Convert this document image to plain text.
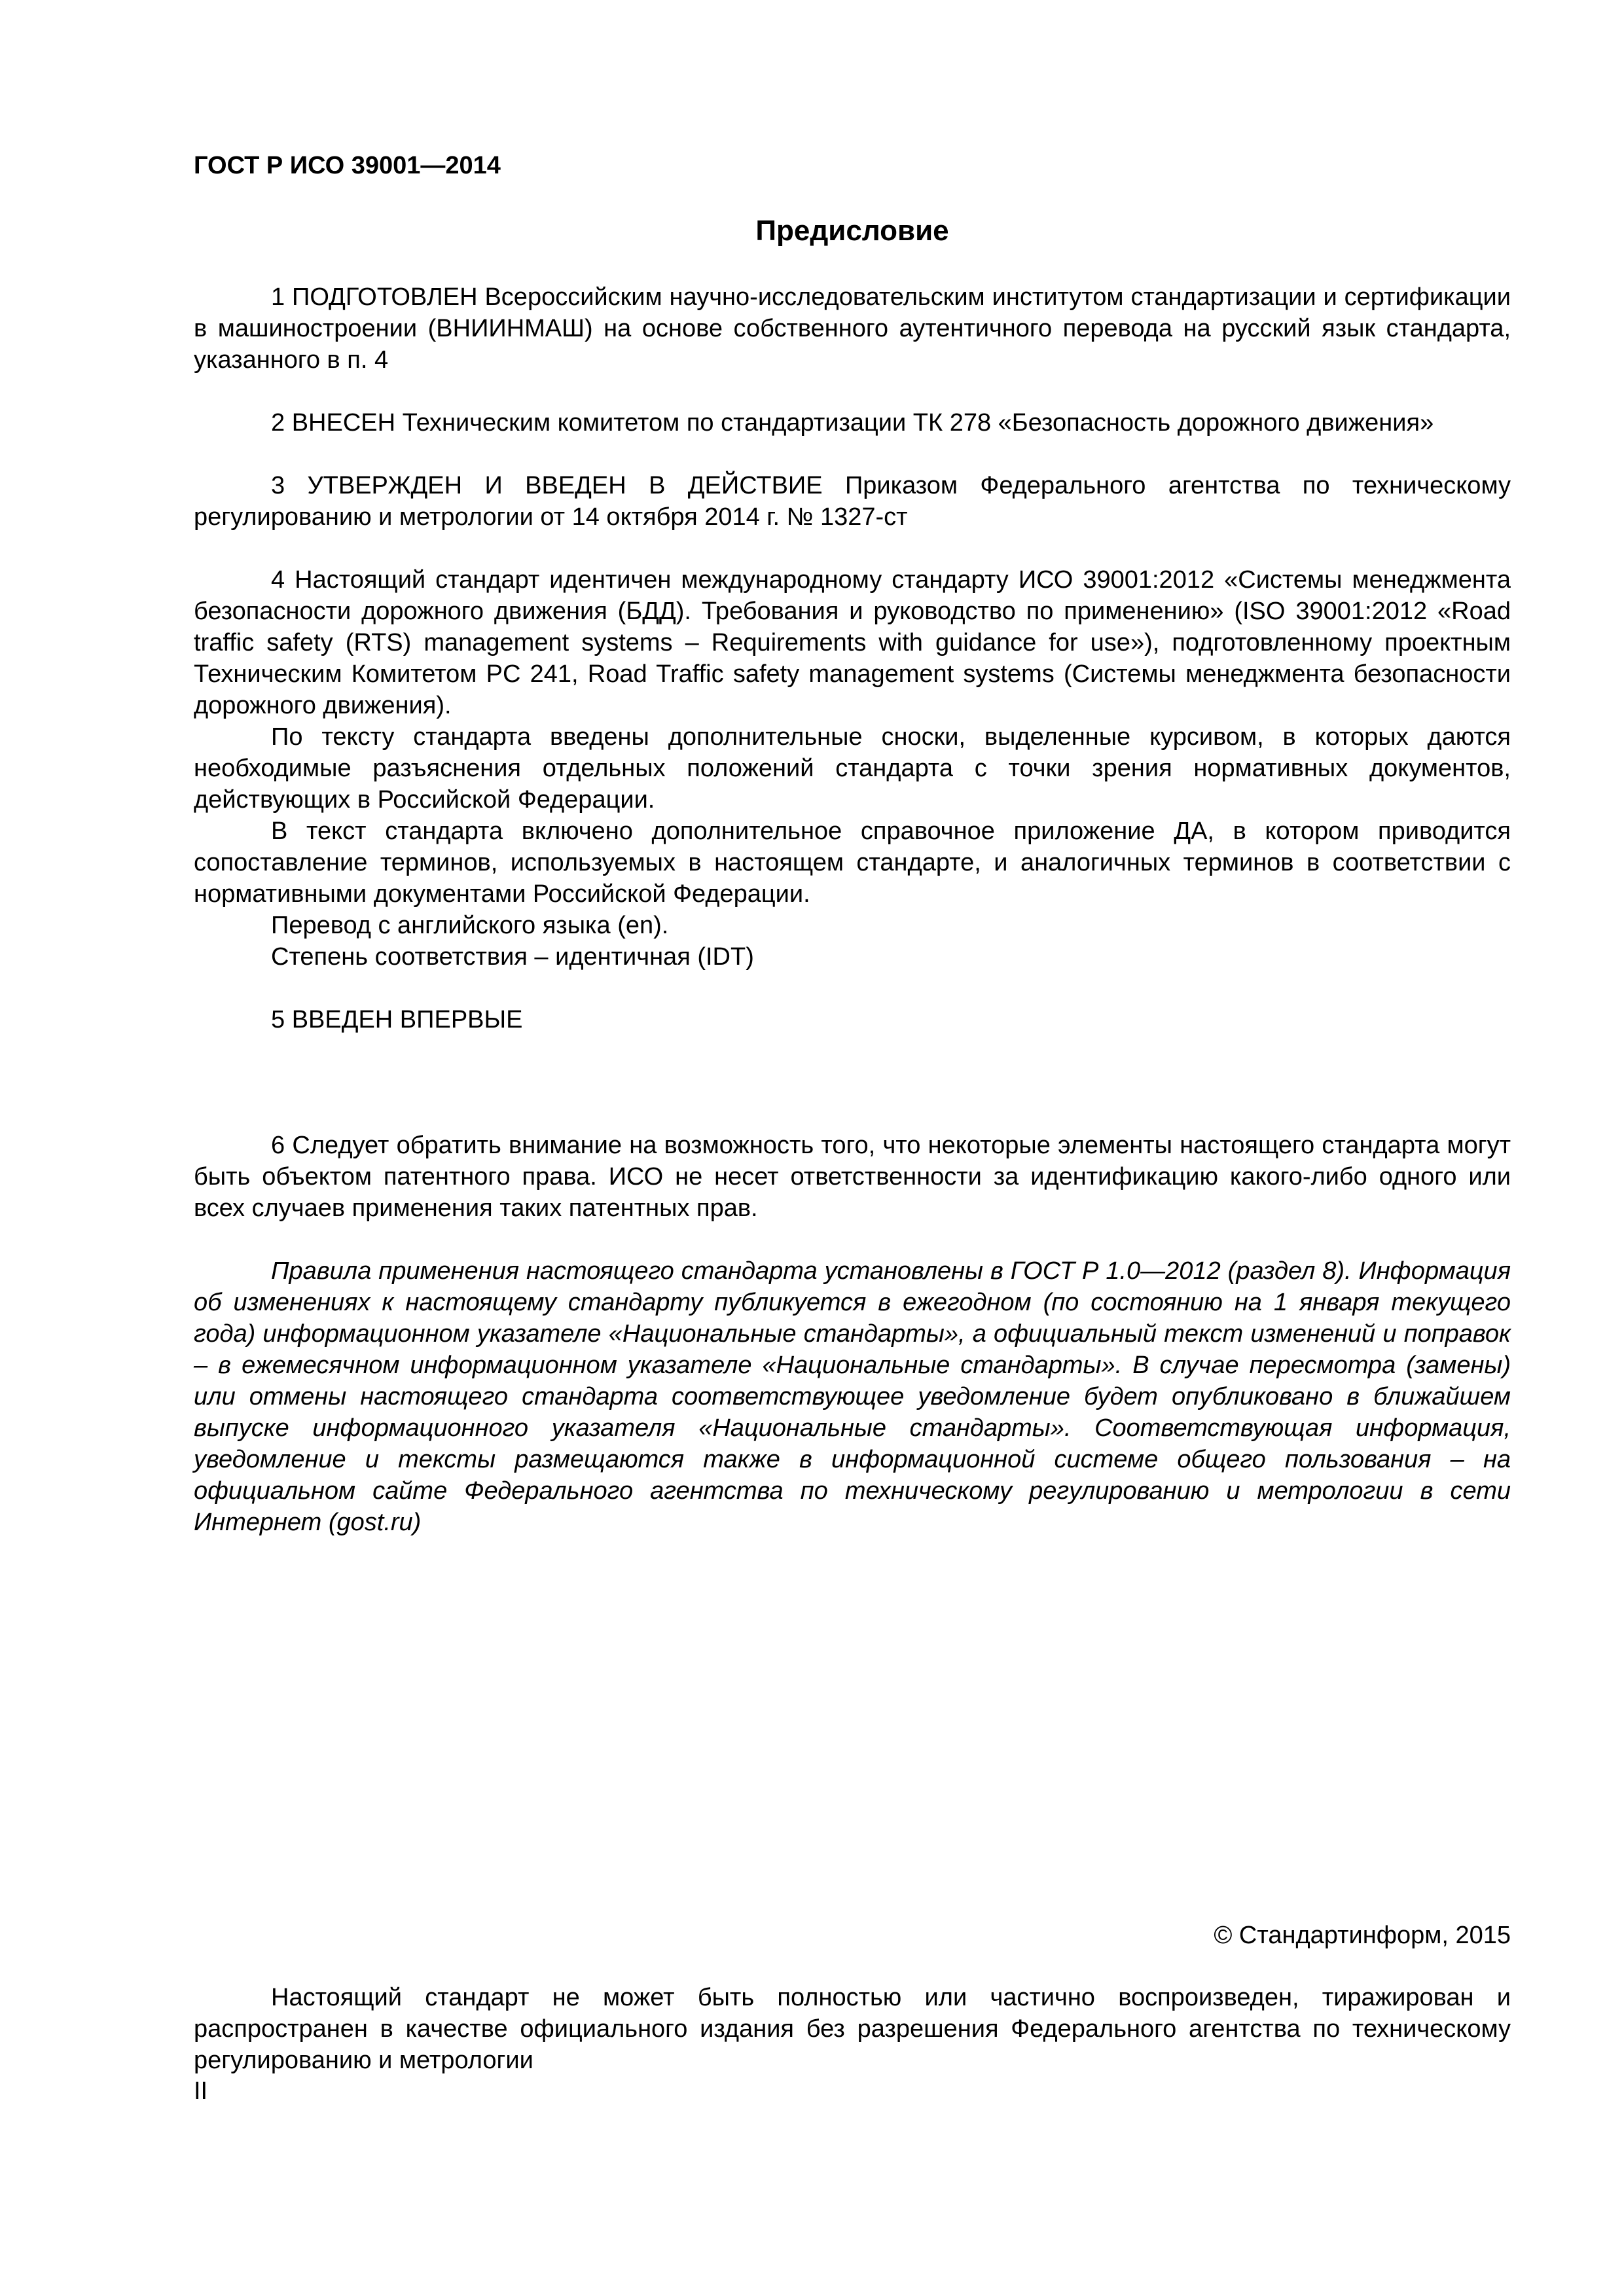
ГОСТ Р ИСО 39001—2014
Предисловие

1 ПОДГОТОВЛЕН Всероссийским научно-исследовательским институтом стандартизации и сертификации в машиностроении (ВНИИНМАШ) на основе собственного аутентичного перевода на русский язык стандарта, указанного в п. 4

2 ВНЕСЕН Техническим комитетом по стандартизации ТК 278 «Безопасность дорожного движения»

3 УТВЕРЖДЕН И ВВЕДЕН В ДЕЙСТВИЕ Приказом Федерального агентства по техническому регулированию и метрологии от 14 октября 2014 г. № 1327-ст

4 Настоящий стандарт идентичен международному стандарту ИСО 39001:2012 «Системы менеджмента безопасности дорожного движения (БДД). Требования и руководство по применению» (ISO 39001:2012 «Road traffic safety (RTS) management systems – Requirements with guidance for use»), подготовленному проектным Техническим Комитетом PC 241, Road Traffic safety management systems (Системы менеджмента безопасности дорожного движения).

По тексту стандарта введены дополнительные сноски, выделенные курсивом, в которых даются необходимые разъяснения отдельных положений стандарта с точки зрения нормативных документов, действующих в Российской Федерации.

В текст стандарта включено дополнительное справочное приложение ДА, в котором приводится сопоставление терминов, используемых в настоящем стандарте, и аналогичных терминов в соответствии с нормативными документами Российской Федерации.

Перевод с английского языка (en).

Степень соответствия – идентичная (IDT)

5 ВВЕДЕН ВПЕРВЫЕ

6 Следует обратить внимание на возможность того, что некоторые элементы настоящего стандарта могут быть объектом патентного права. ИСО не несет ответственности за идентификацию какого-либо одного или всех случаев применения таких патентных прав.

Правила применения настоящего стандарта установлены в ГОСТ Р 1.0—2012 (раздел 8). Информация об изменениях к настоящему стандарту публикуется в ежегодном (по состоянию на 1 января текущего года) информационном указателе «Национальные стандарты», а официальный текст изменений и поправок – в ежемесячном информационном указателе «Национальные стандарты». В случае пересмотра (замены) или отмены настоящего стандарта соответствующее уведомление будет опубликовано в ближайшем выпуске информационного указателя «Национальные стандарты». Соответствующая информация, уведомление и тексты размещаются также в информационной системе общего пользования – на официальном сайте Федерального агентства по техническому регулированию и метрологии в сети Интернет (gost.ru)

© Стандартинформ, 2015

Настоящий стандарт не может быть полностью или частично воспроизведен, тиражирован и распространен в качестве официального издания без разрешения Федерального агентства по техническому регулированию и метрологии

II
